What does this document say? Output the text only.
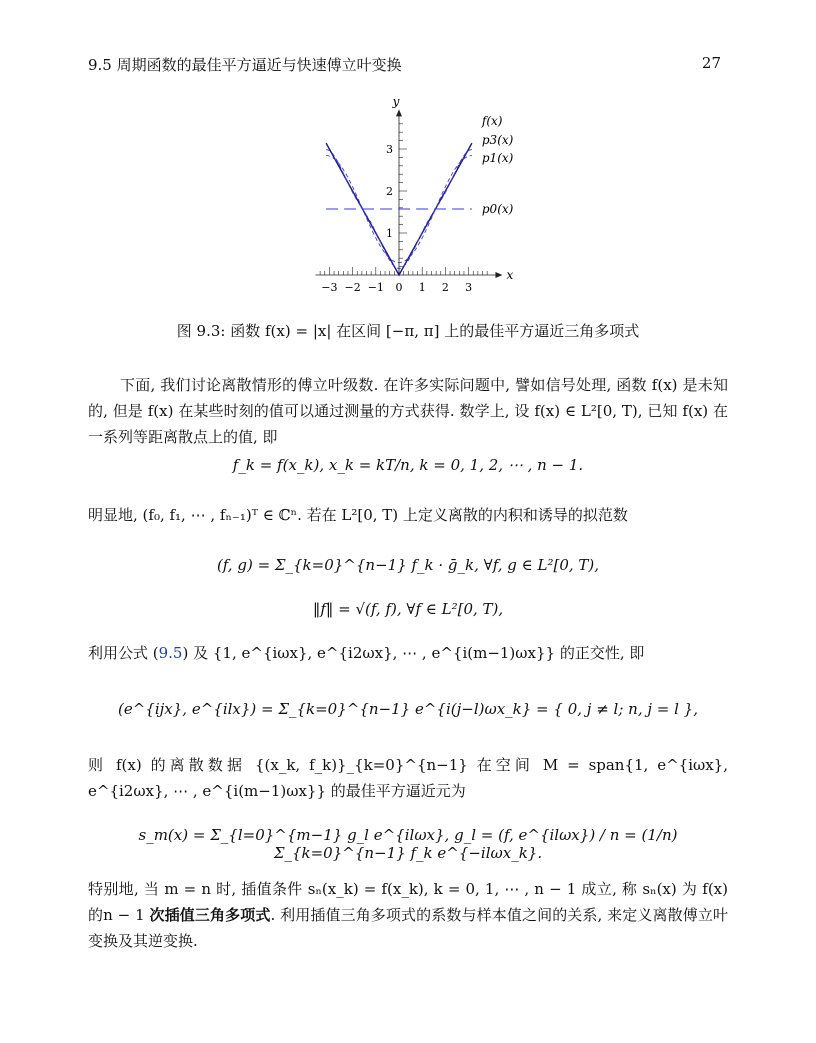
9.5 周期函数的最佳平方逼近与快速傅立叶变换	27
−3 −2 −1 0 1 2 3
1
2
3
x
y
f(x)
p3(x)
p1(x)
p0(x)
图 9.3: 函数 f(x) = |x| 在区间 [−π, π] 上的最佳平方逼近三角多项式

下面, 我们讨论离散情形的傅立叶级数. 在许多实际问题中, 譬如信号处理, 函数 f(x) 是未知的, 但是 f(x) 在某些时刻的值可以通过测量的方式获得. 数学上, 设 f(x) ∈ L²[0, T), 已知 f(x) 在一系列等距离散点上的值, 即

f_k = f(x_k), x_k = kT/n, k = 0, 1, 2, ⋯ , n − 1.

明显地, (f₀, f₁, ⋯ , fₙ₋₁)ᵀ ∈ ℂⁿ. 若在 L²[0, T) 上定义离散的内积和诱导的拟范数

(f, g) = Σ_{k=0}^{n−1} f_k · ḡ_k, ∀f, g ∈ L²[0, T),
‖f‖ = √(f, f), ∀f ∈ L²[0, T),

利用公式 (9.5) 及 {1, e^{iωx}, e^{i2ωx}, ⋯ , e^{i(m−1)ωx}} 的正交性, 即

(e^{ijx}, e^{ilx}) = Σ_{k=0}^{n−1} e^{i(j−l)ωx_k} = { 0, j ≠ l; n, j = l },

则 f(x) 的离散数据 {(x_k, f_k)}_{k=0}^{n−1} 在空间 M = span{1, e^{iωx}, e^{i2ωx}, ⋯ , e^{i(m−1)ωx}} 的最佳平方逼近元为

s_m(x) = Σ_{l=0}^{m−1} g_l e^{ilωx}, g_l = (f, e^{ilωx}) / n = (1/n) Σ_{k=0}^{n−1} f_k e^{−ilωx_k}.

特别地, 当 m = n 时, 插值条件 sₙ(x_k) = f(x_k), k = 0, 1, ⋯ , n − 1 成立, 称 sₙ(x) 为 f(x) 的n − 1 次插值三角多项式. 利用插值三角多项式的系数与样本值之间的关系, 来定义离散傅立叶变换及其逆变换.
